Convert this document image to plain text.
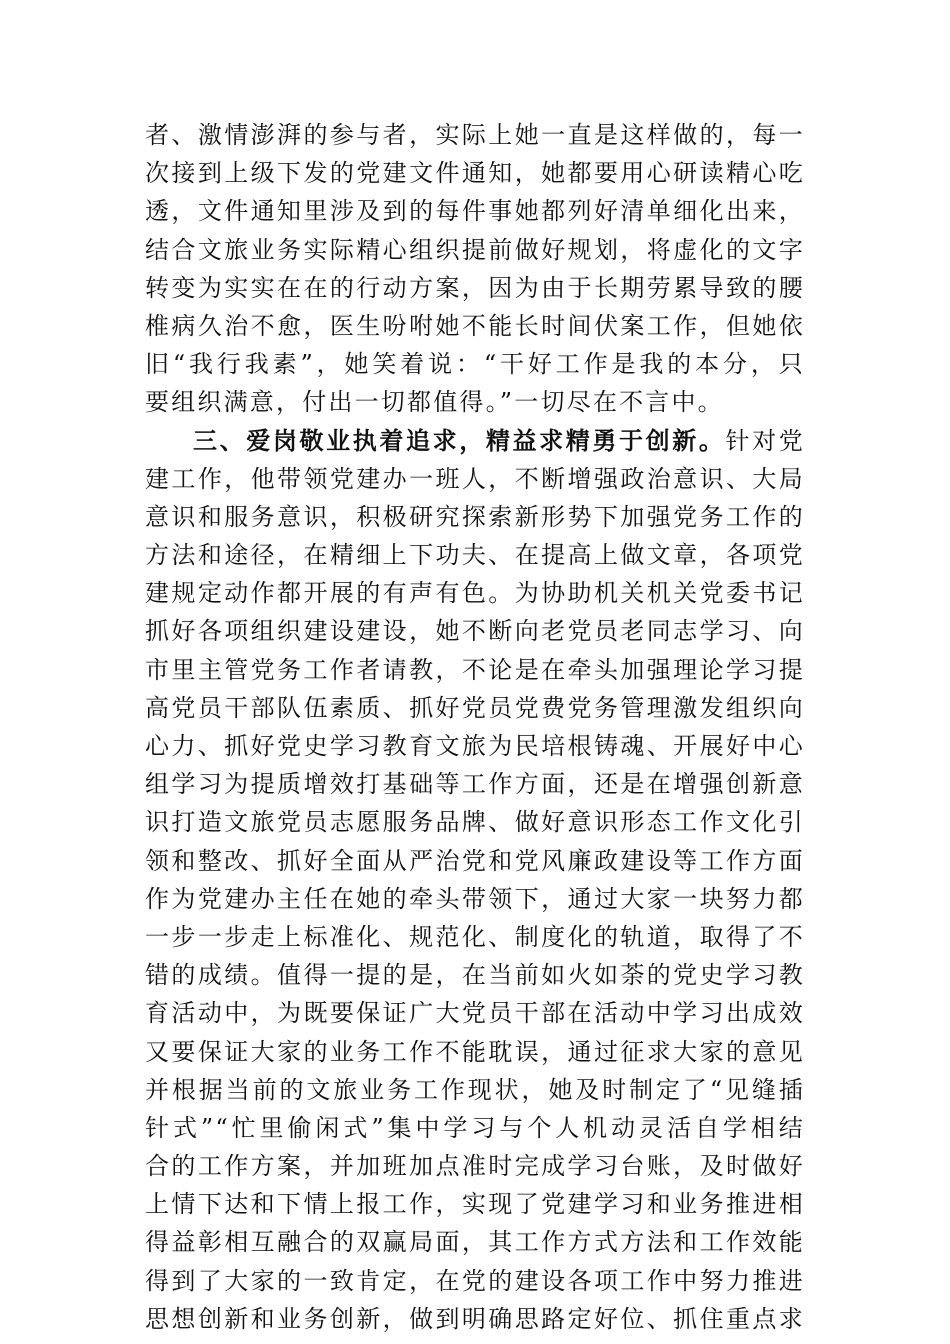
者、激情澎湃的参与者，实际上她一直是这样做的，每一
次接到上级下发的党建文件通知，她都要用心研读精心吃
透，文件通知里涉及到的每件事她都列好清单细化出来，
结合文旅业务实际精心组织提前做好规划，将虚化的文字
转变为实实在在的行动方案，因为由于长期劳累导致的腰
椎病久治不愈，医生吩咐她不能长时间伏案工作，但她依
旧“我行我素”，她笑着说：“干好工作是我的本分，只
要组织满意，付出一切都值得。”一切尽在不言中。
三、爱岗敬业执着追求，精益求精勇于创新。针对党
建工作，他带领党建办一班人，不断增强政治意识、大局
意识和服务意识，积极研究探索新形势下加强党务工作的
方法和途径，在精细上下功夫、在提高上做文章，各项党
建规定动作都开展的有声有色。为协助机关机关党委书记
抓好各项组织建设建设，她不断向老党员老同志学习、向
市里主管党务工作者请教，不论是在牵头加强理论学习提
高党员干部队伍素质、抓好党员党费党务管理激发组织向
心力、抓好党史学习教育文旅为民培根铸魂、开展好中心
组学习为提质增效打基础等工作方面，还是在增强创新意
识打造文旅党员志愿服务品牌、做好意识形态工作文化引
领和整改、抓好全面从严治党和党风廉政建设等工作方面
作为党建办主任在她的牵头带领下，通过大家一块努力都
一步一步走上标准化、规范化、制度化的轨道，取得了不
错的成绩。值得一提的是，在当前如火如荼的党史学习教
育活动中，为既要保证广大党员干部在活动中学习出成效
又要保证大家的业务工作不能耽误，通过征求大家的意见
并根据当前的文旅业务工作现状，她及时制定了“见缝插
针式”“忙里偷闲式”集中学习与个人机动灵活自学相结
合的工作方案，并加班加点准时完成学习台账，及时做好
上情下达和下情上报工作，实现了党建学习和业务推进相
得益彰相互融合的双赢局面，其工作方式方法和工作效能
得到了大家的一致肯定，在党的建设各项工作中努力推进
思想创新和业务创新，做到明确思路定好位、抓住重点求
